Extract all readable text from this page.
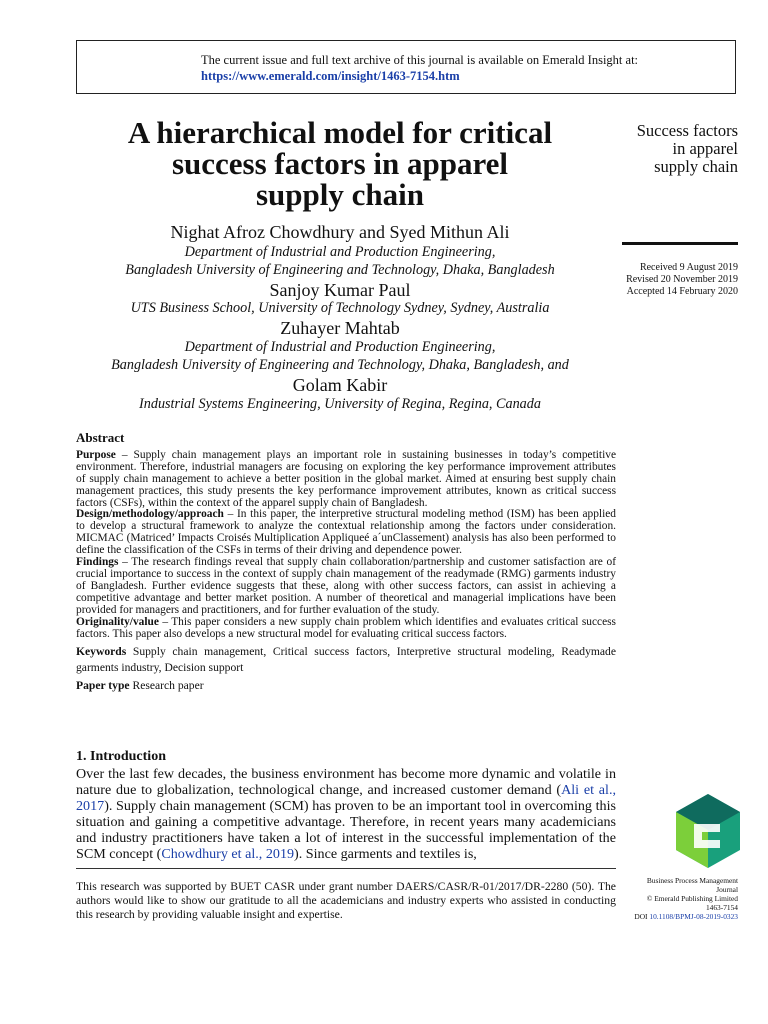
The current issue and full text archive of this journal is available on Emerald Insight at:
https://www.emerald.com/insight/1463-7154.htm
A hierarchical model for critical
success factors in apparel
supply chain
Success factors
in apparel
supply chain
Received 9 August 2019
Revised 20 November 2019
Accepted 14 February 2020
Nighat Afroz Chowdhury and Syed Mithun Ali
Department of Industrial and Production Engineering,
Bangladesh University of Engineering and Technology, Dhaka, Bangladesh
Sanjoy Kumar Paul
UTS Business School, University of Technology Sydney, Sydney, Australia
Zuhayer Mahtab
Department of Industrial and Production Engineering,
Bangladesh University of Engineering and Technology, Dhaka, Bangladesh, and
Golam Kabir
Industrial Systems Engineering, University of Regina, Regina, Canada
Abstract

Purpose – Supply chain management plays an important role in sustaining businesses in today’s competitive environment. Therefore, industrial managers are focusing on exploring the key performance improvement attributes of supply chain management to achieve a better position in the global market. Aimed at ensuring best supply chain management practices, this study presents the key performance improvement attributes, known as critical success factors (CSFs), within the context of the apparel supply chain of Bangladesh.

Design/methodology/approach – In this paper, the interpretive structural modeling method (ISM) has been applied to develop a structural framework to analyze the contextual relationship among the factors under consideration. MICMAC (Matriced’ Impacts Croisés Multiplication Appliqueé a´unClassement) analysis has also been performed to define the classification of the CSFs in terms of their driving and dependence power.

Findings – The research findings reveal that supply chain collaboration/partnership and customer satisfaction are of crucial importance to success in the context of supply chain management of the readymade (RMG) garments industry of Bangladesh. Further evidence suggests that these, along with other success factors, can assist in achieving a competitive advantage and better market position. A number of theoretical and managerial implications have been provided for managers and practitioners, and for further evaluation of the study.

Originality/value – This paper considers a new supply chain problem which identifies and evaluates critical success factors. This paper also develops a new structural model for evaluating critical success factors.

Keywords Supply chain management, Critical success factors, Interpretive structural modeling, Readymade garments industry, Decision support

Paper type Research paper

1. Introduction

Over the last few decades, the business environment has become more dynamic and volatile in nature due to globalization, technological change, and increased customer demand (Ali et al., 2017). Supply chain management (SCM) has proven to be an important tool in overcoming this situation and gaining a competitive advantage. Therefore, in recent years many academicians and industry practitioners have taken a lot of interest in the successful implementation of the SCM concept (Chowdhury et al., 2019). Since garments and textiles is,

This research was supported by BUET CASR under grant number DAERS/CASR/R-01/2017/DR-2280 (50). The authors would like to show our gratitude to all the academicians and industry experts who assisted in conducting this research by providing valuable insight and expertise.
Business Process Management
Journal
© Emerald Publishing Limited
1463-7154
DOI 10.1108/BPMJ-08-2019-0323
